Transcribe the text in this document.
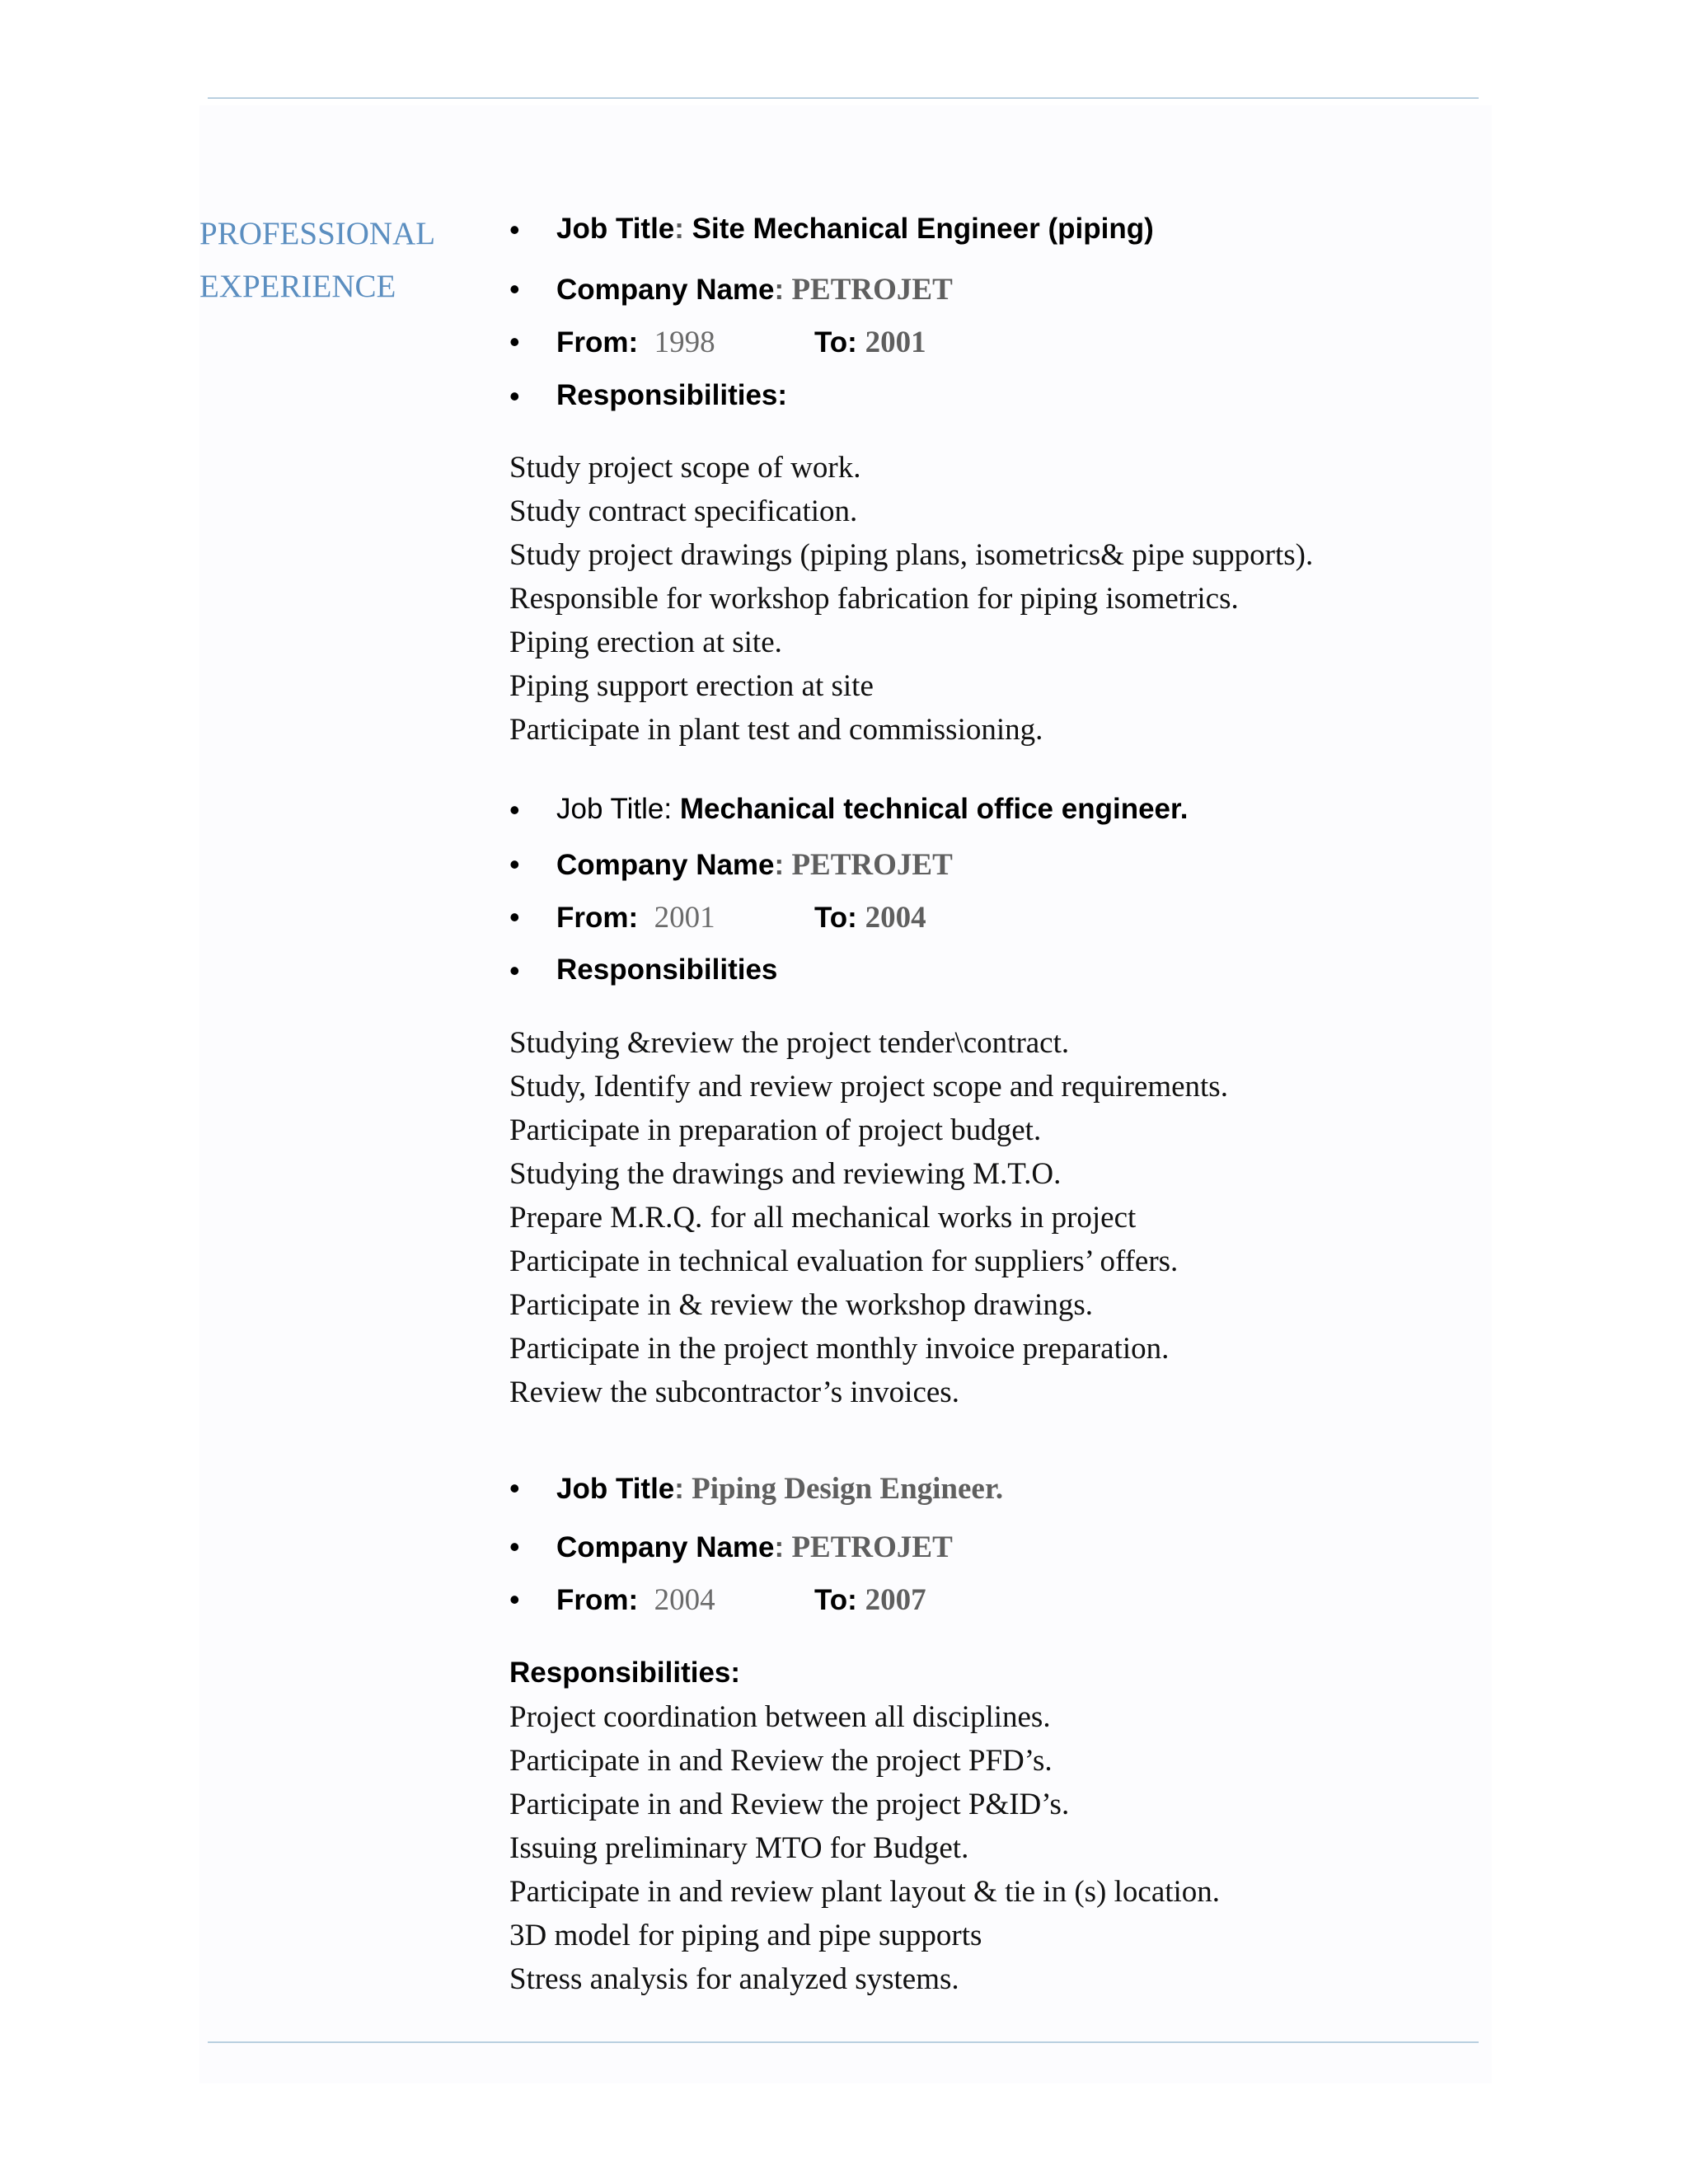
PROFESSIONAL
EXPERIENCE
• Job Title: Site Mechanical Engineer (piping)
• Company Name: PETROJET
• From: 1998	To: 2001
• Responsibilities:
Study project scope of work.
Study contract specification.
Study project drawings (piping plans, isometrics& pipe supports).
Responsible for workshop fabrication for piping isometrics.
Piping erection at site.
Piping support erection at site
Participate in plant test and commissioning.
• Job Title: Mechanical technical office engineer.
• Company Name: PETROJET
• From: 2001	To: 2004
• Responsibilities
Studying &review the project tender\contract.
Study, Identify and review project scope and requirements.
Participate in preparation of project budget.
Studying the drawings and reviewing M.T.O.
Prepare M.R.Q. for all mechanical works in project
Participate in technical evaluation for suppliers’ offers.
Participate in & review the workshop drawings.
Participate in the project monthly invoice preparation.
Review the subcontractor’s invoices.
• Job Title: Piping Design Engineer.
• Company Name: PETROJET
• From: 2004	To: 2007
Responsibilities:
Project coordination between all disciplines.
Participate in and Review the project PFD’s.
Participate in and Review the project P&ID’s.
Issuing preliminary MTO for Budget.
Participate in and review plant layout & tie in (s) location.
3D model for piping and pipe supports
Stress analysis for analyzed systems.
